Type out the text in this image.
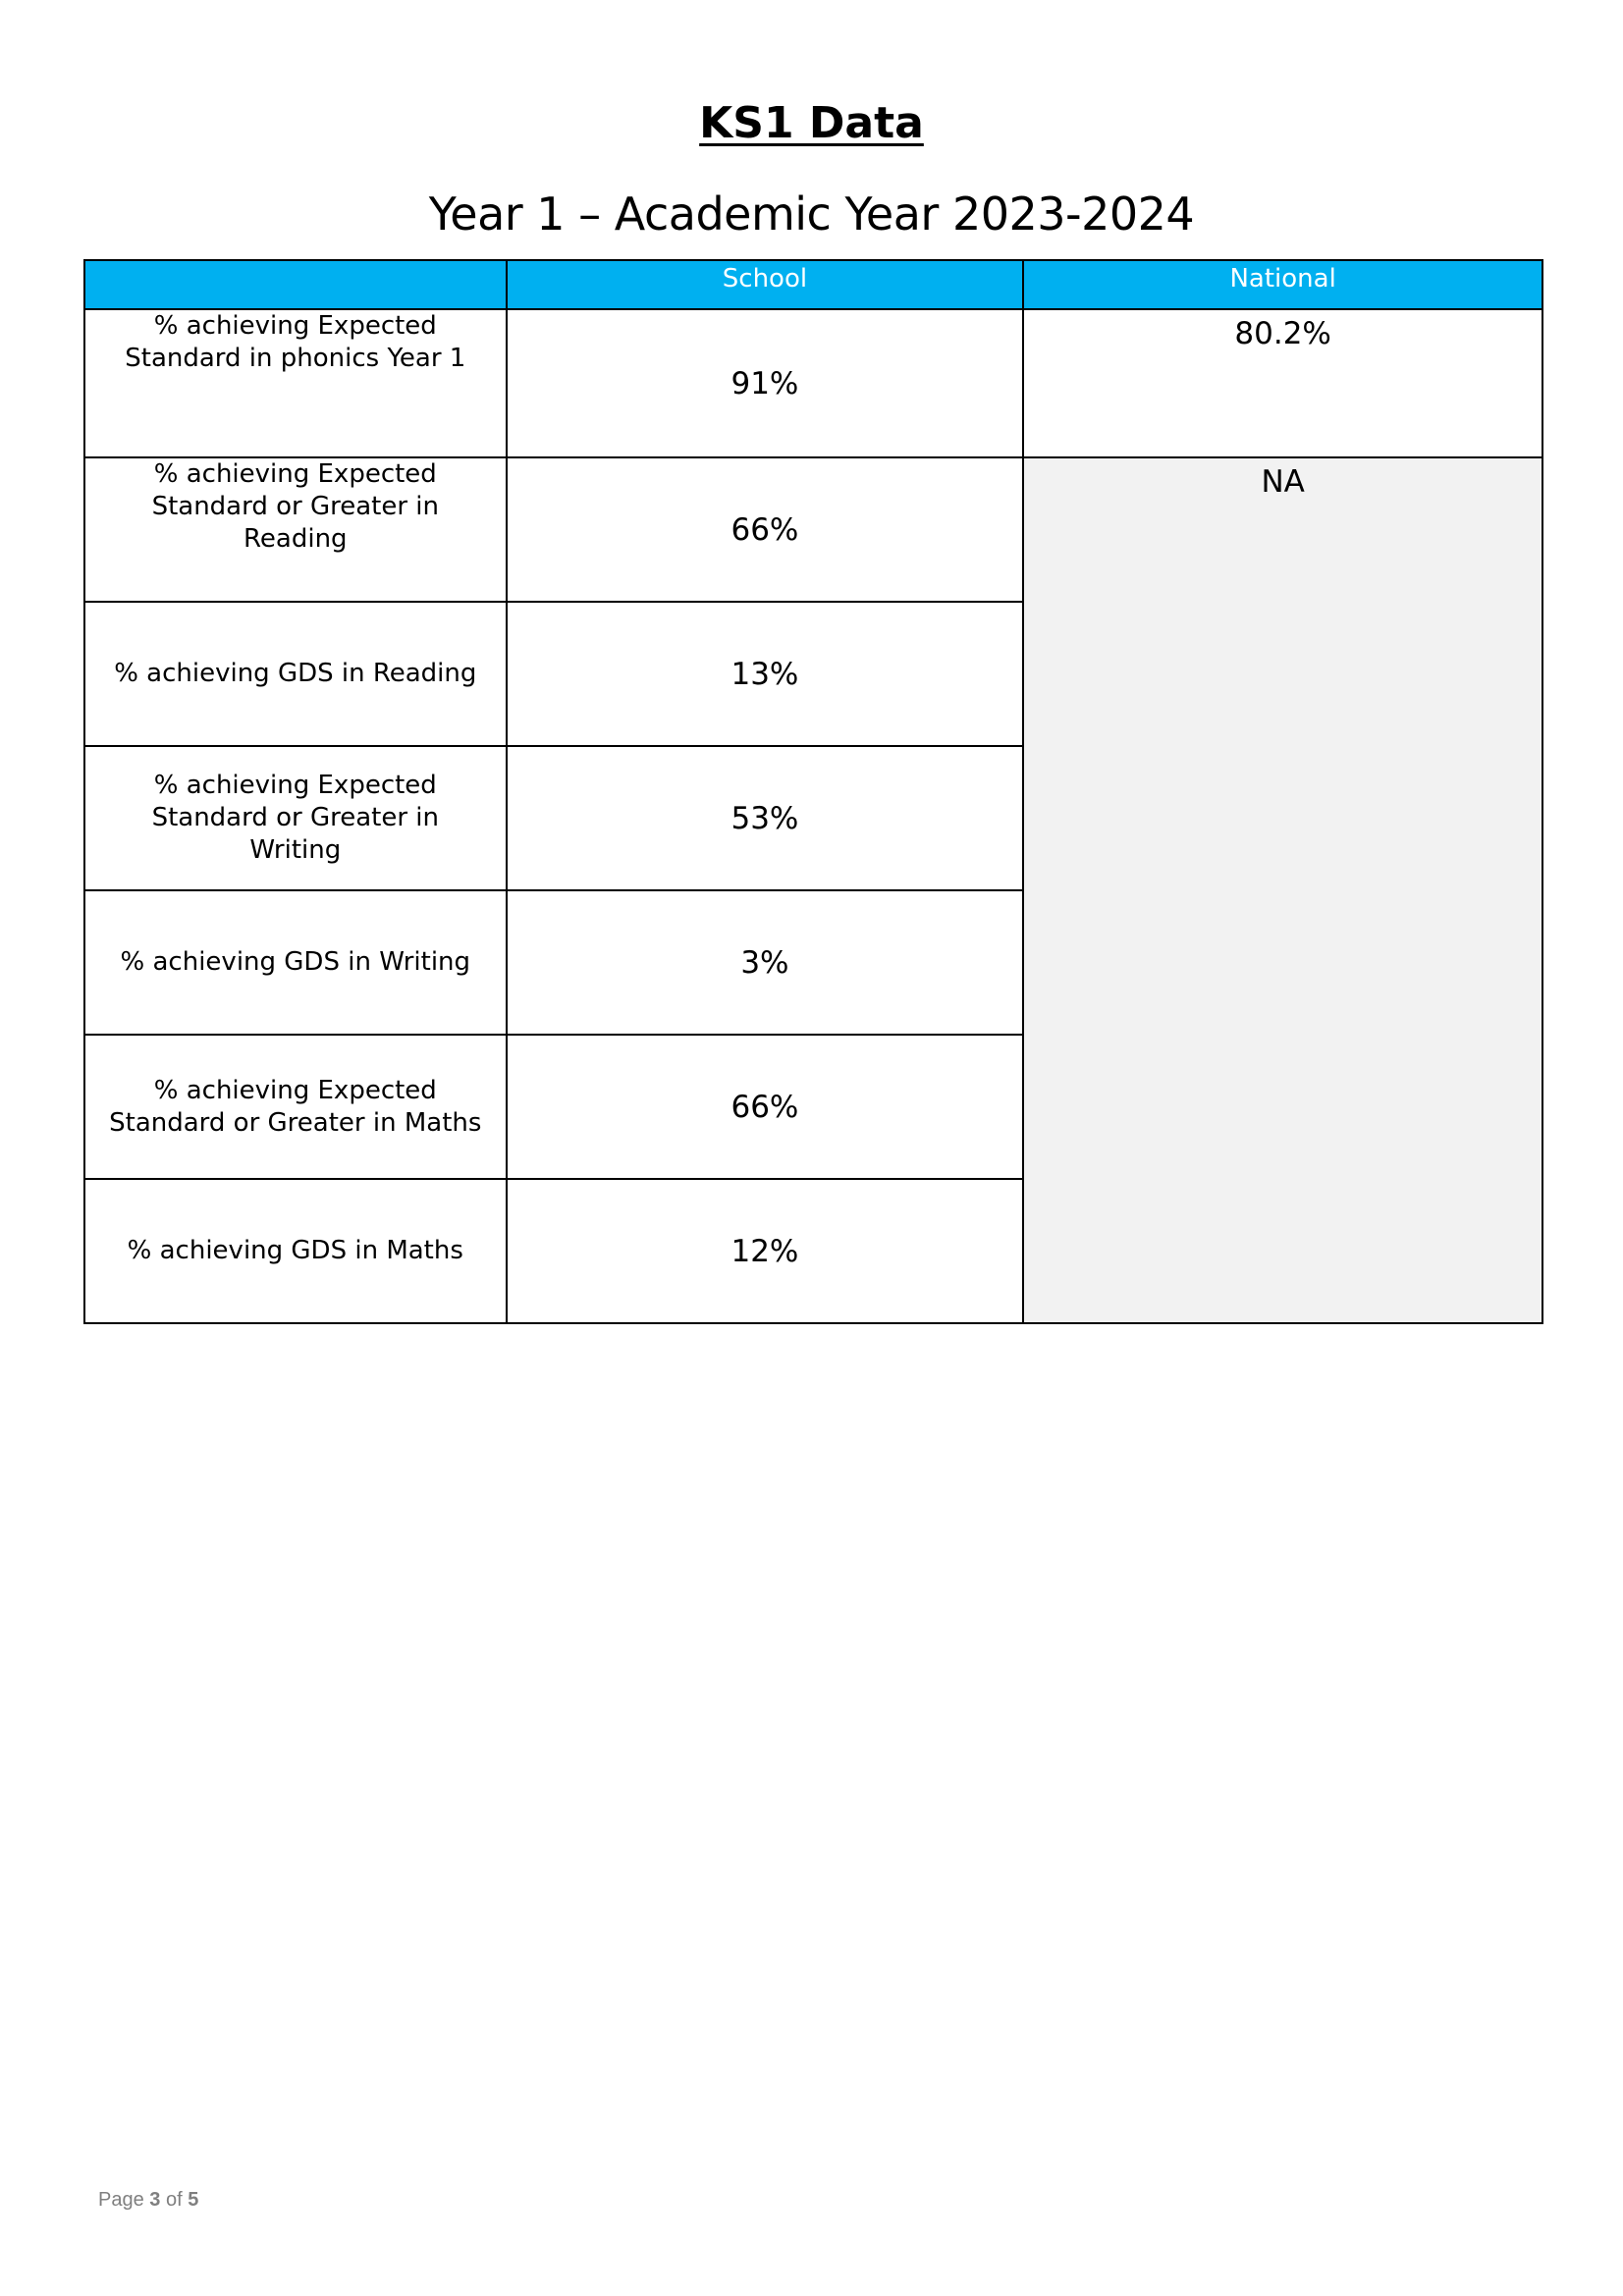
KS1 Data
Year 1 – Academic Year 2023-2024
	School	National
% achieving Expected Standard in phonics Year 1	91%	80.2%
% achieving Expected Standard or Greater in Reading	66%	NA
% achieving GDS in Reading	13%	
% achieving Expected Standard or Greater in Writing	53%	
% achieving GDS in Writing	3%	
% achieving Expected Standard or Greater in Maths	66%	
% achieving GDS in Maths	12%	
Page 3 of 5
